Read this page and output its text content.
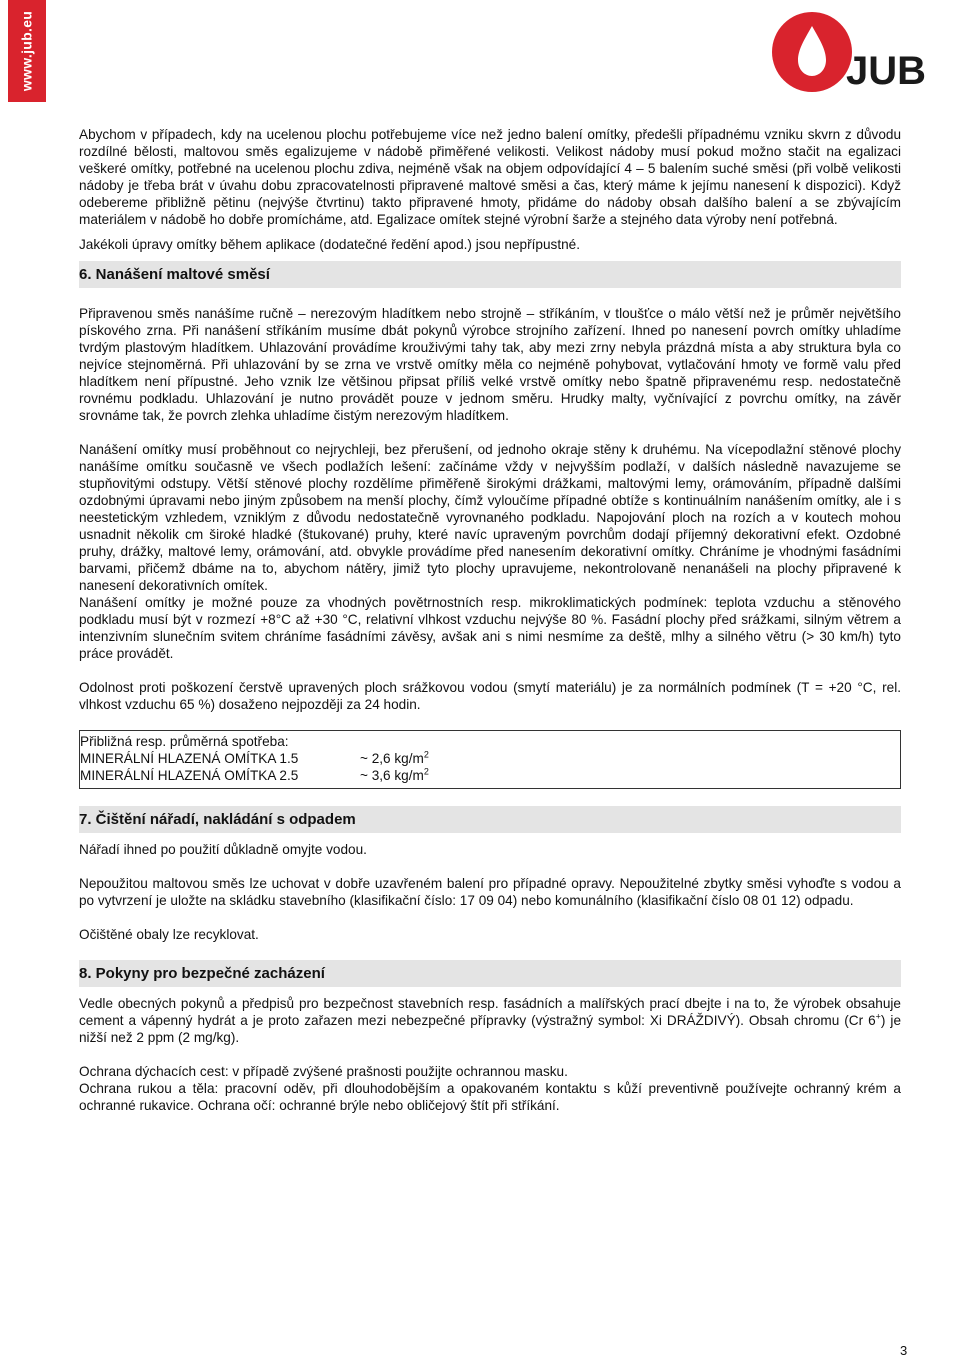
www.jub.eu	JUB

Abychom v případech, kdy na ucelenou plochu potřebujeme více než jedno balení omítky, předešli případnému vzniku skvrn z důvodu rozdílné bělosti, maltovou směs egalizujeme v nádobě přiměřené velikosti. Velikost nádoby musí pokud možno stačit na egalizaci veškeré omítky, potřebné na ucelenou plochu zdiva, nejméně však na objem odpovídající 4 – 5 balením suché směsi (při volbě velikosti nádoby je třeba brát v úvahu dobu zpracovatelnosti připravené maltové směsi a čas, který máme k jejímu nanesení k dispozici). Když odebereme přibližně pětinu (nejvýše čtvrtinu) takto připravené hmoty, přidáme do nádoby obsah dalšího balení a se zbývajícím materiálem v nádobě ho dobře promícháme, atd. Egalizace omítek stejné výrobní šarže a stejného data výroby není potřebná.

Jakékoli úpravy omítky během aplikace (dodatečné ředění apod.) jsou nepřípustné.

6. Nanášení maltové směsí

Připravenou směs nanášíme ručně – nerezovým hladítkem nebo strojně – stříkáním, v tloušťce o málo větší než je průměr největšího pískového zrna. Při nanášení stříkáním musíme dbát pokynů výrobce strojního zařízení. Ihned po nanesení povrch omítky uhladíme tvrdým plastovým hladítkem. Uhlazování provádíme krouživými tahy tak, aby mezi zrny nebyla prázdná místa a aby struktura byla co nejvíce stejnoměrná. Při uhlazování by se zrna ve vrstvě omítky měla co nejméně pohybovat, vytlačování hmoty ve formě valu před hladítkem není přípustné. Jeho vznik lze většinou připsat příliš velké vrstvě omítky nebo špatně připravenému resp. nedostatečně rovnému podkladu. Uhlazování je nutno provádět pouze v jednom směru. Hrudky malty, vyčnívající z povrchu omítky, na závěr srovnáme tak, že povrch zlehka uhladíme čistým nerezovým hladítkem.

Nanášení omítky musí proběhnout co nejrychleji, bez přerušení, od jednoho okraje stěny k druhému. Na vícepodlažní stěnové plochy nanášíme omítku současně ve všech podlažích lešení: začínáme vždy v nejvyšším podlaží, v dalších následně navazujeme se stupňovitými odstupy. Větší stěnové plochy rozdělíme přiměřeně širokými drážkami, maltovými lemy, orámováním, případně dalšími ozdobnými úpravami nebo jiným způsobem na menší plochy, čímž vyloučíme případné obtíže s kontinuálním nanášením omítky, ale i s neestetickým vzhledem, vzniklým z důvodu nedostatečně vyrovnaného podkladu. Napojování ploch na rozích a v koutech mohou usnadnit několik cm široké hladké (štukované) pruhy, které navíc upraveným povrchům dodají příjemný dekorativní efekt. Ozdobné pruhy, drážky, maltové lemy, orámování, atd. obvykle provádíme před nanesením dekorativní omítky. Chráníme je vhodnými fasádními barvami, přičemž dbáme na to, abychom nátěry, jimiž tyto plochy upravujeme, nekontrolovaně nenanášeli na plochy připravené k nanesení dekorativních omítek.

Nanášení omítky je možné pouze za vhodných povětrnostních resp. mikroklimatických podmínek: teplota vzduchu a stěnového podkladu musí být v rozmezí +8°C až +30 °C, relativní vlhkost vzduchu nejvýše 80 %. Fasádní plochy před srážkami, silným větrem a intenzivním slunečním svitem chráníme fasádními závěsy, avšak ani s nimi nesmíme za deště, mlhy a silného větru (> 30 km/h) tyto práce provádět.

Odolnost proti poškození čerstvě upravených ploch srážkovou vodou (smytí materiálu) je za normálních podmínek (T = +20 °C, rel. vlhkost vzduchu 65 %) dosaženo nejpozději za 24 hodin.

Přibližná resp. průměrná spotřeba:
MINERÁLNÍ HLAZENÁ OMÍTKA 1.5	~ 2,6 $kg/m^2$
MINERÁLNÍ HLAZENÁ OMÍTKA 2.5	~ 3,6 $kg/m^2$
7. Čištění nářadí, nakládání s odpadem

Nářadí ihned po použití důkladně omyjte vodou.

Nepoužitou maltovou směs lze uchovat v dobře uzavřeném balení pro případné opravy. Nepoužitelné zbytky směsi vyhoďte s vodou a po vytvrzení je uložte na skládku stavebního (klasifikační číslo: 17 09 04) nebo komunálního (klasifikační číslo 08 01 12) odpadu.

Očištěné obaly lze recyklovat.

8. Pokyny pro bezpečné zacházení

Vedle obecných pokynů a předpisů pro bezpečnost stavebních resp. fasádních a malířských prací dbejte i na to, že výrobek obsahuje cement a vápenný hydrát a je proto zařazen mezi nebezpečné přípravky (výstražný symbol: Xi DRÁŽDIVÝ). Obsah chromu (Cr 6+) je nižší než 2 ppm (2 mg/kg).

Ochrana dýchacích cest: v případě zvýšené prašnosti použijte ochrannou masku.

Ochrana rukou a těla: pracovní oděv, při dlouhodobějším a opakovaném kontaktu s kůží preventivně používejte ochranný krém a ochranné rukavice. Ochrana očí: ochranné brýle nebo obličejový štít při stříkání.

3
